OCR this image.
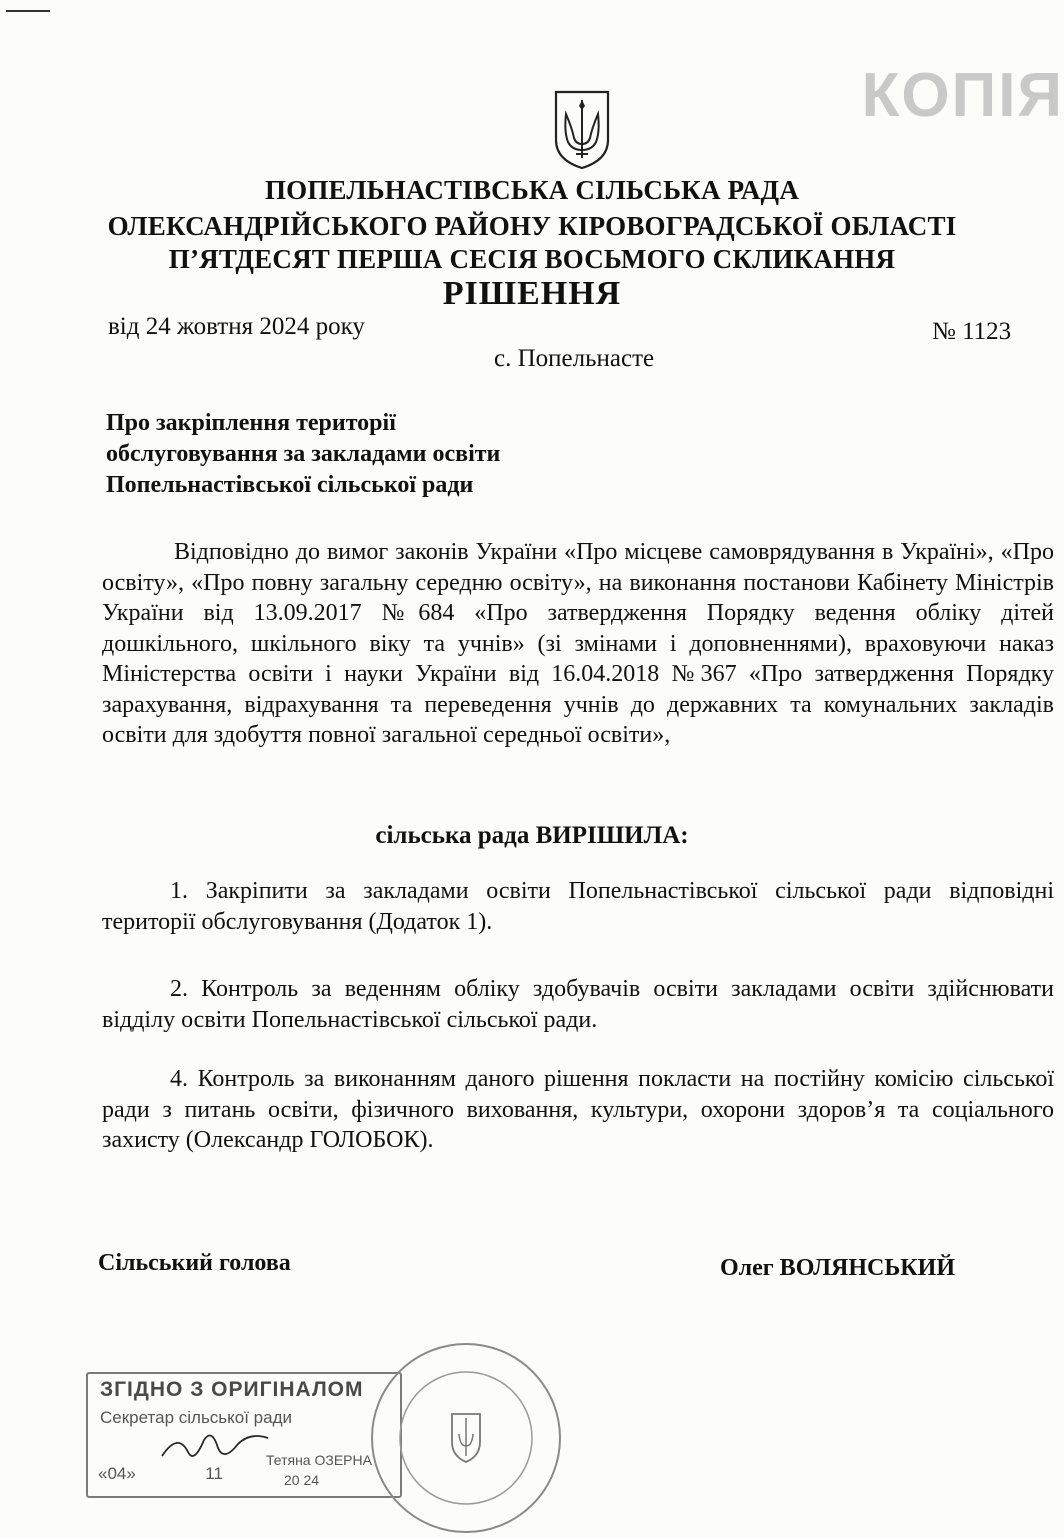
КОПІЯ
ПОПЕЛЬНАСТІВСЬКА СІЛЬСЬКА РАДА
ОЛЕКСАНДРІЙСЬКОГО РАЙОНУ КІРОВОГРАДСЬКОЇ ОБЛАСТІ
П’ЯТДЕСЯТ ПЕРША СЕСІЯ ВОСЬМОГО СКЛИКАННЯ
РІШЕННЯ
від 24 жовтня 2024 року	№ 1123
с. Попельнасте
Про закріплення території
обслуговування за закладами освіти
Попельнастівської сільської ради
Відповідно до вимог законів України «Про місцеве самоврядування в Україні», «Про освіту», «Про повну загальну середню освіту», на виконання постанови Кабінету Міністрів України від 13.09.2017 №684 «Про затвердження Порядку ведення обліку дітей дошкільного, шкільного віку та учнів» (зі змінами і доповненнями), враховуючи наказ Міністерства освіти і науки України від 16.04.2018 №367 «Про затвердження Порядку зарахування, відрахування та переведення учнів до державних та комунальних закладів освіти для здобуття повної загальної середньої освіти»,
сільська рада ВИРІШИЛА:
1. Закріпити за закладами освіти Попельнастівської сільської ради відповідні території обслуговування (Додаток 1).
2. Контроль за веденням обліку здобувачів освіти закладами освіти здійснювати відділу освіти Попельнастівської сільської ради.
4. Контроль за виконанням даного рішення покласти на постійну комісію сільської ради з питань освіти, фізичного виховання, культури, охорони здоров’я та соціального захисту (Олександр ГОЛОБОК).
Сільський голова	Олег ВОЛЯНСЬКИЙ
ЗГІДНО З ОРИГІНАЛОМ
Секретар сільської ради
Тетяна ОЗЕРНА
«04»	11	20 24
